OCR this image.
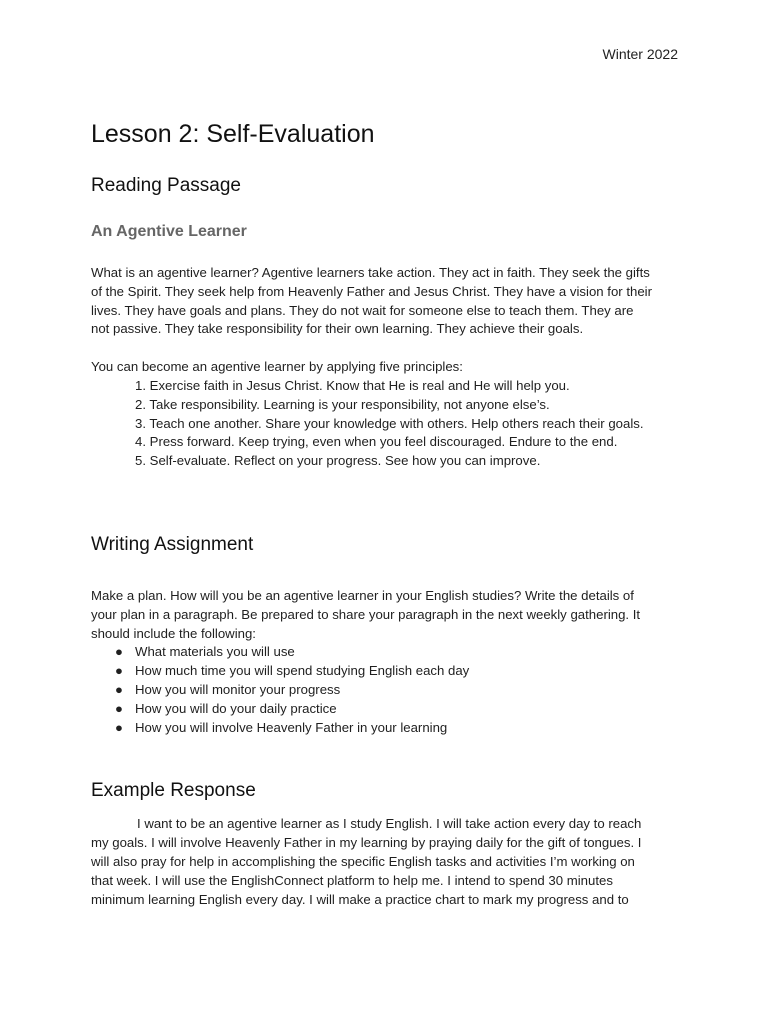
Winter 2022
Lesson 2: Self-Evaluation
Reading Passage
An Agentive Learner

What is an agentive learner? Agentive learners take action. They act in faith. They seek the gifts

of the Spirit. They seek help from Heavenly Father and Jesus Christ. They have a vision for their

lives. They have goals and plans. They do not wait for someone else to teach them. They are

not passive. They take responsibility for their own learning. They achieve their goals.

You can become an agentive learner by applying five principles:

1. Exercise faith in Jesus Christ. Know that He is real and He will help you.
2. Take responsibility. Learning is your responsibility, not anyone else’s.
3. Teach one another. Share your knowledge with others. Help others reach their goals.
4. Press forward. Keep trying, even when you feel discouraged. Endure to the end.
5. Self-evaluate. Reflect on your progress. See how you can improve.
Writing Assignment

Make a plan. How will you be an agentive learner in your English studies? Write the details of

your plan in a paragraph. Be prepared to share your paragraph in the next weekly gathering. It

should include the following:

● What materials you will use
● How much time you will spend studying English each day
● How you will monitor your progress
● How you will do your daily practice
● How you will involve Heavenly Father in your learning
Example Response

I want to be an agentive learner as I study English. I will take action every day to reach

my goals. I will involve Heavenly Father in my learning by praying daily for the gift of tongues. I

will also pray for help in accomplishing the specific English tasks and activities I’m working on

that week. I will use the EnglishConnect platform to help me. I intend to spend 30 minutes

minimum learning English every day. I will make a practice chart to mark my progress and to
